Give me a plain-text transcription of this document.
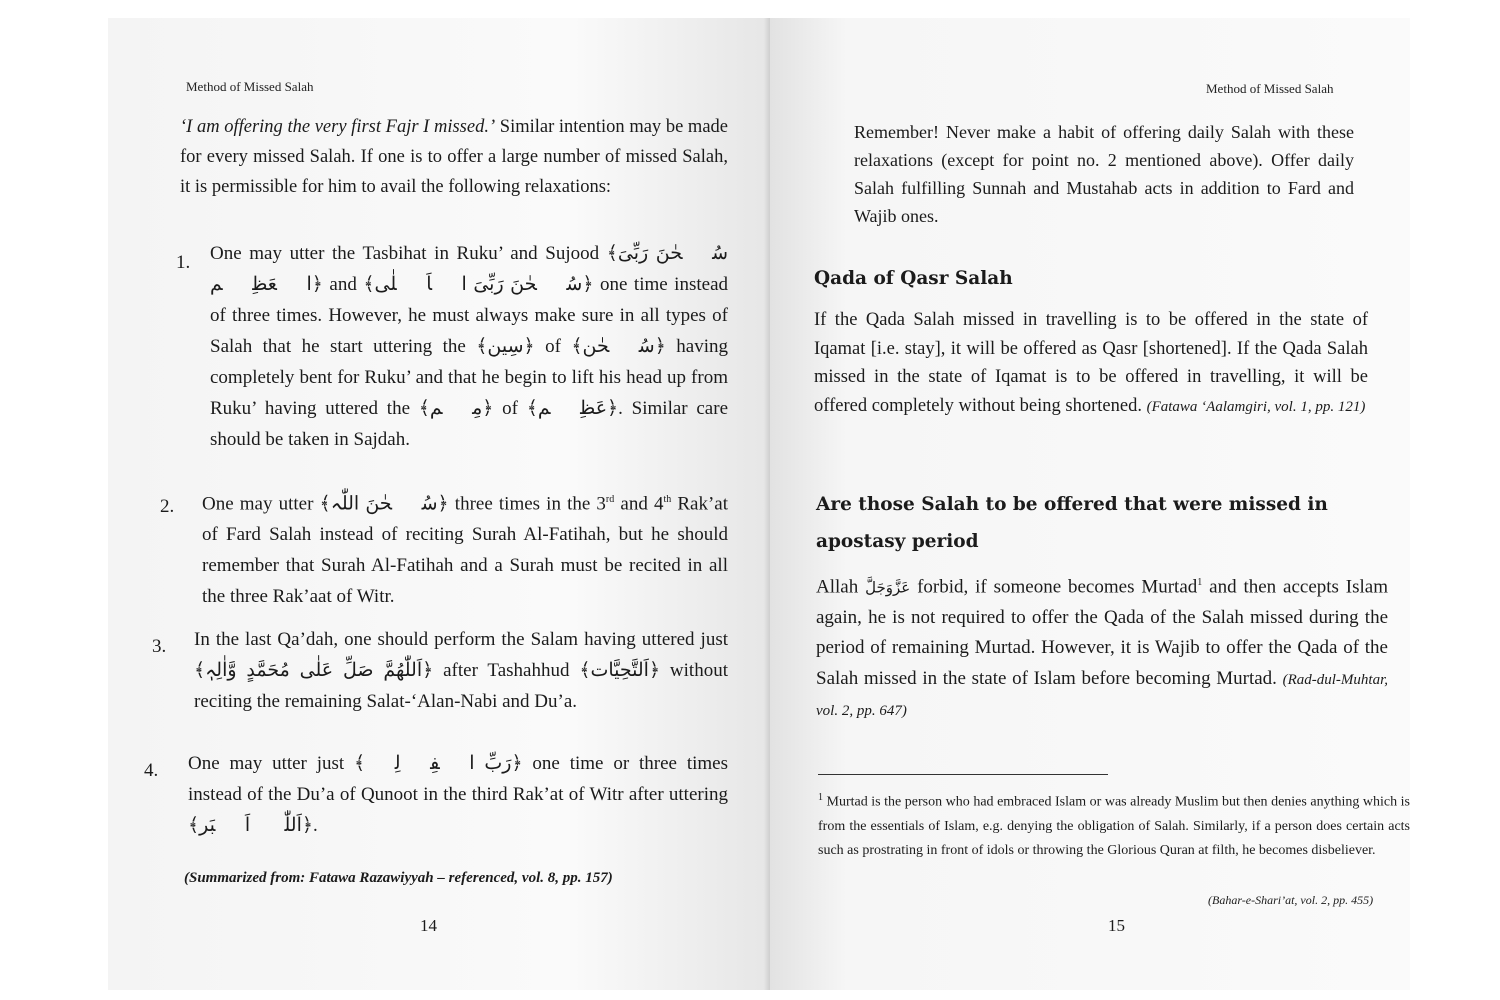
Method of Missed Salah
‘I am offering the very first Fajr I missed.’ Similar intention may be made for every missed Salah. If one is to offer a large number of missed Salah, it is permissible for him to avail the following relaxations:
1. One may utter the Tasbihat in Ruku’ and Sujood ﴾سُبۡحٰنَ رَبِّیَ الۡعَظِیۡم﴿ and ﴾سُبۡحٰنَ رَبِّیَ الۡاَعۡلٰی﴿ one time instead of three times. However, he must always make sure in all types of Salah that he start uttering the ﴾سِین﴿ of ﴾سُبۡحٰن﴿ having completely bent for Ruku’ and that he begin to lift his head up from Ruku’ having uttered the ﴾مِیۡم﴿ of ﴾عَظِیۡم﴿. Similar care should be taken in Sajdah.
2. One may utter ﴾سُبۡحٰنَ اللّٰہ﴿ three times in the 3rd and 4th Rak’at of Fard Salah instead of reciting Surah Al-Fatihah, but he should remember that Surah Al-Fatihah and a Surah must be recited in all the three Rak’aat of Witr.
3. In the last Qa’dah, one should perform the Salam having uttered just ﴾اَللّٰھُمَّ صَلِّ عَلٰی مُحَمَّدٍ وَّاٰلِہٖ﴿ after Tashahhud ﴾اَلتَّحِیَّات﴿ without reciting the remaining Salat-‘Alan-Nabi and Du’a.
4. One may utter just ﴾رَبِّ اغۡفِرۡلِیۡ﴿ one time or three times instead of the Du’a of Qunoot in the third Rak’at of Witr after uttering ﴾اَللّٰہُ اَکۡبَر﴿.
(Summarized from: Fatawa Razawiyyah – referenced, vol. 8, pp. 157)
14
Method of Missed Salah
Remember! Never make a habit of offering daily Salah with these relaxations (except for point no. 2 mentioned above). Offer daily Salah fulfilling Sunnah and Mustahab acts in addition to Fard and Wajib ones.
Qada of Qasr Salah
If the Qada Salah missed in travelling is to be offered in the state of Iqamat [i.e. stay], it will be offered as Qasr [shortened]. If the Qada Salah missed in the state of Iqamat is to be offered in travelling, it will be offered completely without being shortened. (Fatawa ‘Aalamgiri, vol. 1, pp. 121)
Are those Salah to be offered that were missed in
apostasy period
Allah عَزَّوَجَلَّ forbid, if someone becomes Murtad$^1$ and then accepts Islam again, he is not required to offer the Qada of the Salah missed during the period of remaining Murtad. However, it is Wajib to offer the Qada of the Salah missed in the state of Islam before becoming Murtad. (Rad-dul-Muhtar, vol. 2, pp. 647)
$^1$ Murtad is the person who had embraced Islam or was already Muslim but then denies anything which is from the essentials of Islam, e.g. denying the obligation of Salah. Similarly, if a person does certain acts such as prostrating in front of idols or throwing the Glorious Quran at filth, he becomes disbeliever.
(Bahar-e-Shari’at, vol. 2, pp. 455)
15
